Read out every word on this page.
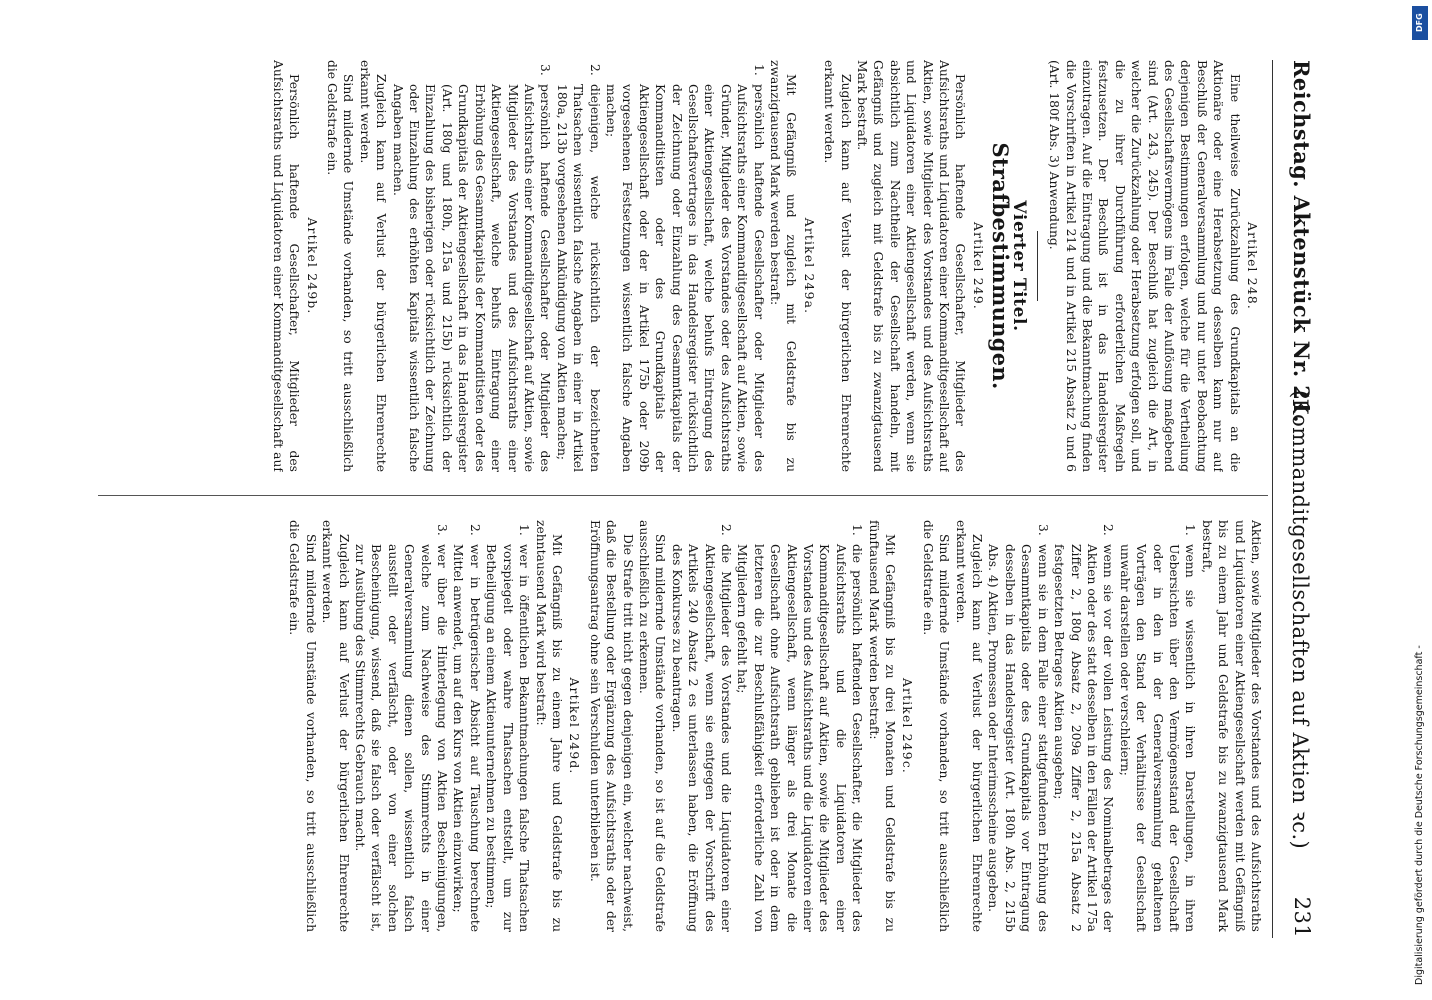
Reichstag. Aktenstück Nr. 21.
(Kommanditgesellschaften auf Aktien ꝛc.)
231
Artikel 248.

Eine theilweise Zurückzahlung des Grundkapitals an die Aktionäre oder eine Herabsetzung desselben kann nur auf Beschluß der Generalversammlung und nur unter Beobachtung derjenigen Bestimmungen erfolgen, welche für die Vertheilung des Gesellschaftsvermögens im Falle der Auflösung maßgebend sind (Art. 243, 245). Der Beschluß hat zugleich die Art, in welcher die Zurückzahlung oder Herabsetzung erfolgen soll, und die zu ihrer Durchführung erforderlichen Maßregeln festzusetzen. Der Beschluß ist in das Handelsregister einzutragen. Auf die Eintragung und die Bekanntmachung finden die Vorschriften in Artikel 214 und in Artikel 215 Absatz 2 und 6 (Art. 180f Abs. 3) Anwendung.

Vierter Titel.
Strafbestimmungen.
Artikel 249.

Persönlich haftende Gesellschafter, Mitglieder des Aufsichtsraths und Liquidatoren einer Kommanditgesellschaft auf Aktien, sowie Mitglieder des Vorstandes und des Aufsichtsraths und Liquidatoren einer Aktiengesellschaft werden, wenn sie absichtlich zum Nachtheile der Gesellschaft handeln, mit Gefängniß und zugleich mit Geldstrafe bis zu zwanzigtausend Mark bestraft.

Zugleich kann auf Verlust der bürgerlichen Ehrenrechte erkannt werden.

Artikel 249a.

Mit Gefängniß und zugleich mit Geldstrafe bis zu zwanzigtausend Mark werden bestraft:

1.
persönlich haftende Gesellschafter oder Mitglieder des Aufsichtsraths einer Kommanditgesellschaft auf Aktien, sowie Gründer, Mitglieder des Vorstandes oder des Aufsichtsraths einer Aktiengesellschaft, welche behufs Eintragung des Gesellschaftsvertrages in das Handelsregister rücksichtlich der Zeichnung oder Einzahlung des Gesammtkapitals der Kommanditisten oder des Grundkapitals der Aktiengesellschaft oder der in Artikel 175b oder 209b vorgesehenen Festsetzungen wissentlich falsche Angaben machen;
2.
diejenigen, welche rücksichtlich der bezeichneten Thatsachen wissentlich falsche Angaben in einer in Artikel 180a, 213b vorgesehenen Ankündigung von Aktien machen;
3.
persönlich haftende Gesellschafter oder Mitglieder des Aufsichtsraths einer Kommanditgesellschaft auf Aktien, sowie Mitglieder des Vorstandes und des Aufsichtsraths einer Aktiengesellschaft, welche behufs Eintragung einer Erhöhung des Gesammtkapitals der Kommanditisten oder des Grundkapitals der Aktiengesellschaft in das Handelsregister (Art. 180g und 180h, 215a und 215b) rücksichtlich der Einzahlung des bisherigen oder rücksichtlich der Zeichnung oder Einzahlung des erhöhten Kapitals wissentlich falsche Angaben machen.

Zugleich kann auf Verlust der bürgerlichen Ehrenrechte erkannt werden.

Sind mildernde Umstände vorhanden, so tritt ausschließlich die Geldstrafe ein.

Artikel 249b.

Persönlich haftende Gesellschafter, Mitglieder des Aufsichtsraths und Liquidatoren einer Kommanditgesellschaft auf

Aktien, sowie Mitglieder des Vorstandes und des Aufsichtsraths und Liquidatoren einer Aktiengesellschaft werden mit Gefängniß bis zu einem Jahr und Geldstrafe bis zu zwanzigtausend Mark bestraft,

1.
wenn sie wissentlich in ihren Darstellungen, in ihren Uebersichten über den Vermögensstand der Gesellschaft oder in den in der Generalversammlung gehaltenen Vorträgen den Stand der Verhältnisse der Gesellschaft unwahr darstellen oder verschleiern;
2.
wenn sie vor der vollen Leistung des Nominalbetrages der Aktien oder des statt desselben in den Fällen der Artikel 175a Ziffer 2, 180g Absatz 2, 209a Ziffer 2, 215a Absatz 2 festgesetzten Betrages Aktien ausgeben;
3.
wenn sie in dem Falle einer stattgefundenen Erhöhung des Gesammtkapitals oder des Grundkapitals vor Eintragung desselben in das Handelsregister (Art. 180h Abs. 2, 215b Abs. 4) Aktien, Promessen oder Interimsscheine ausgeben.

Zugleich kann auf Verlust der bürgerlichen Ehrenrechte erkannt werden.

Sind mildernde Umstände vorhanden, so tritt ausschließlich die Geldstrafe ein.

Artikel 249c.

Mit Gefängniß bis zu drei Monaten und Geldstrafe bis zu fünftausend Mark werden bestraft:

1.
die persönlich haftenden Gesellschafter, die Mitglieder des Aufsichtsraths und die Liquidatoren einer Kommanditgesellschaft auf Aktien, sowie die Mitglieder des Vorstandes und des Aufsichtsraths und die Liquidatoren einer Aktiengesellschaft, wenn länger als drei Monate die Gesellschaft ohne Aufsichtsrath geblieben ist oder in dem letzteren die zur Beschlußfähigkeit erforderliche Zahl von Mitgliedern gefehlt hat;
2.
die Mitglieder des Vorstandes und die Liquidatoren einer Aktiengesellschaft, wenn sie entgegen der Vorschrift des Artikels 240 Absatz 2 es unterlassen haben, die Eröffnung des Konkurses zu beantragen.

Sind mildernde Umstände vorhanden, so ist auf die Geldstrafe ausschließlich zu erkennen.

Die Strafe tritt nicht gegen denjenigen ein, welcher nachweist, daß die Bestellung oder Ergänzung des Aufsichtsraths oder der Eröffnungsantrag ohne sein Verschulden unterblieben ist.

Artikel 249d.

Mit Gefängniß bis zu einem Jahre und Geldstrafe bis zu zehntausend Mark wird bestraft:

1.
wer in öffentlichen Bekanntmachungen falsche Thatsachen vorspiegelt oder wahre Thatsachen entstellt, um zur Betheiligung an einem Aktienunternehmen zu bestimmen;
2.
wer in betrügerischer Absicht auf Täuschung berechnete Mittel anwendet, um auf den Kurs von Aktien einzuwirken;
3.
wer über die Hinterlegung von Aktien Bescheinigungen, welche zum Nachweise des Stimmrechts in einer Generalversammlung dienen sollen, wissentlich falsch ausstellt oder verfälscht, oder von einer solchen Bescheinigung, wissend, daß sie falsch oder verfälscht ist, zur Ausübung des Stimmrechts Gebrauch macht.

Zugleich kann auf Verlust der bürgerlichen Ehrenrechte erkannt werden.

Sind mildernde Umstände vorhanden, so tritt ausschließlich die Geldstrafe ein.

DFG
Digitalisierung gefördert durch die Deutsche Forschungsgemeinschaft -
